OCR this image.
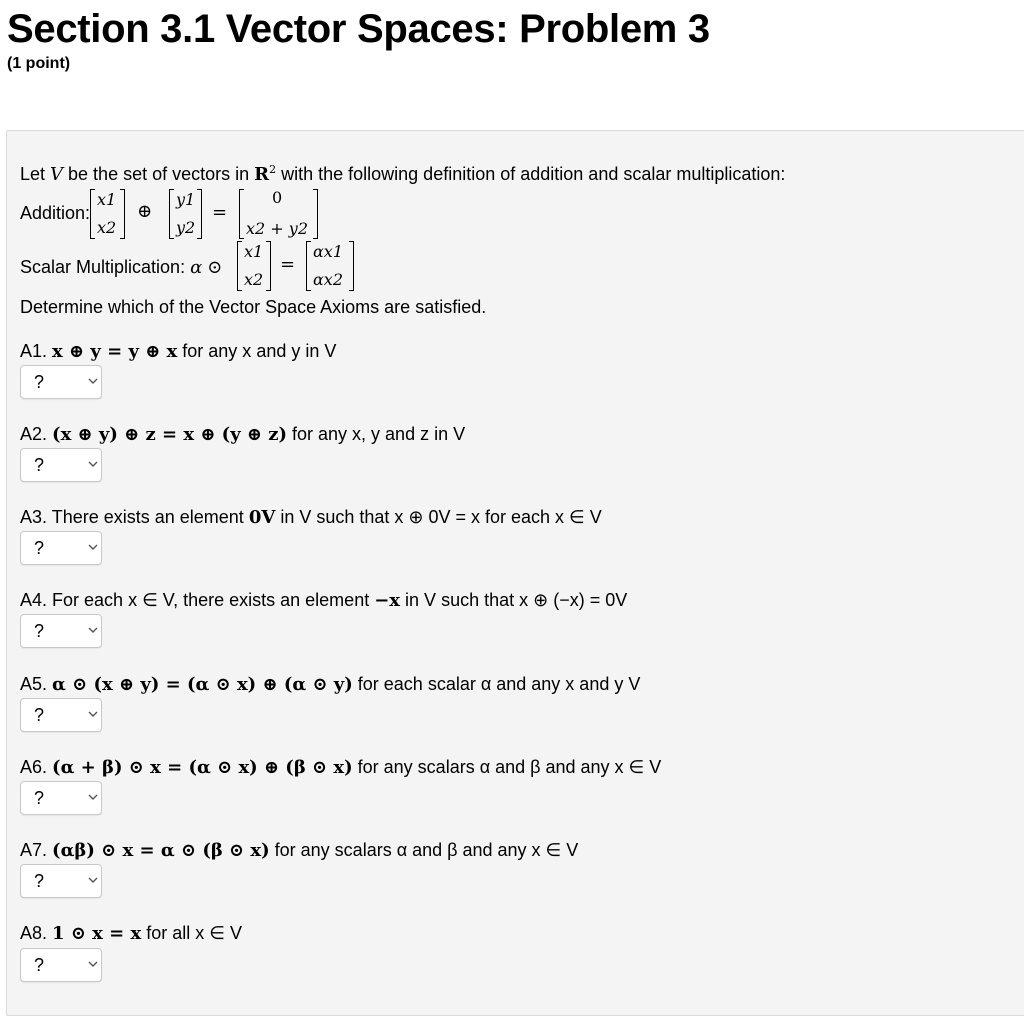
Section 3.1 Vector Spaces: Problem 3
(1 point)
Let V be the set of vectors in $R^2$ with the following definition of addition and scalar multiplication:
Addition:
x1
x2
⊕
y1
y2
=
0
x2 + y2
Scalar Multiplication: α ⊙
x1
x2
=
αx1
αx2
Determine which of the Vector Space Axioms are satisfied.
A1. x ⊕ y = y ⊕ x for any x and y in V
?
A2. (x ⊕ y) ⊕ z = x ⊕ (y ⊕ z) for any x, y and z in V
?
A3. There exists an element 0V in V such that x ⊕ 0V = x for each x ∈ V
?
A4. For each x ∈ V, there exists an element −x in V such that x ⊕ (−x) = 0V
?
A5. α ⊙ (x ⊕ y) = (α ⊙ x) ⊕ (α ⊙ y) for each scalar α and any x and y V
?
A6. (α + β) ⊙ x = (α ⊙ x) ⊕ (β ⊙ x) for any scalars α and β and any x ∈ V
?
A7. (αβ) ⊙ x = α ⊙ (β ⊙ x) for any scalars α and β and any x ∈ V
?
A8. 1 ⊙ x = x for all x ∈ V
?
